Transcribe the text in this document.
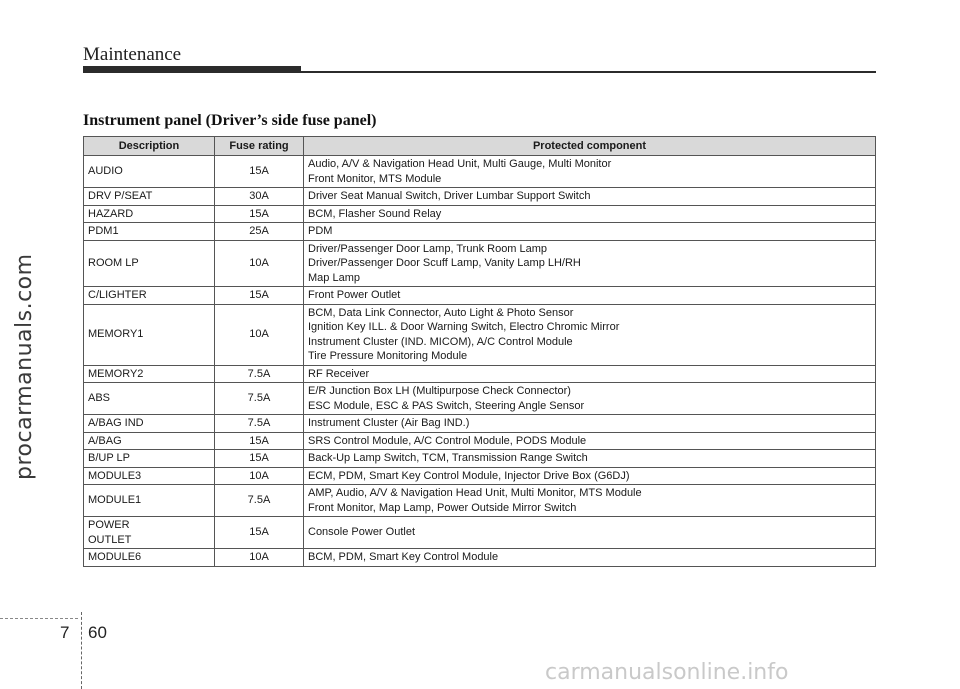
Maintenance
Instrument panel (Driver’s side fuse panel)
Description	Fuse rating	Protected component
AUDIO	15A	Audio, A/V & Navigation Head Unit, Multi Gauge, Multi Monitor
Front Monitor, MTS Module
DRV P/SEAT	30A	Driver Seat Manual Switch, Driver Lumbar Support Switch
HAZARD	15A	BCM, Flasher Sound Relay
PDM1	25A	PDM
ROOM LP	10A	Driver/Passenger Door Lamp, Trunk Room Lamp
Driver/Passenger Door Scuff Lamp, Vanity Lamp LH/RH
Map Lamp
C/LIGHTER	15A	Front Power Outlet
MEMORY1	10A	BCM, Data Link Connector, Auto Light & Photo Sensor
Ignition Key ILL. & Door Warning Switch, Electro Chromic Mirror
Instrument Cluster (IND. MICOM), A/C Control Module
Tire Pressure Monitoring Module
MEMORY2	7.5A	RF Receiver
ABS	7.5A	E/R Junction Box LH (Multipurpose Check Connector)
ESC Module, ESC & PAS Switch, Steering Angle Sensor
A/BAG IND	7.5A	Instrument Cluster (Air Bag IND.)
A/BAG	15A	SRS Control Module, A/C Control Module, PODS Module
B/UP LP	15A	Back-Up Lamp Switch, TCM, Transmission Range Switch
MODULE3	10A	ECM, PDM, Smart Key Control Module, Injector Drive Box (G6DJ)
MODULE1	7.5A	AMP, Audio, A/V & Navigation Head Unit, Multi Monitor, MTS Module
Front Monitor, Map Lamp, Power Outside Mirror Switch
POWER
OUTLET	15A	Console Power Outlet
MODULE6	10A	BCM, PDM, Smart Key Control Module
7 60
procarmanuals.com
carmanualsonline.info
